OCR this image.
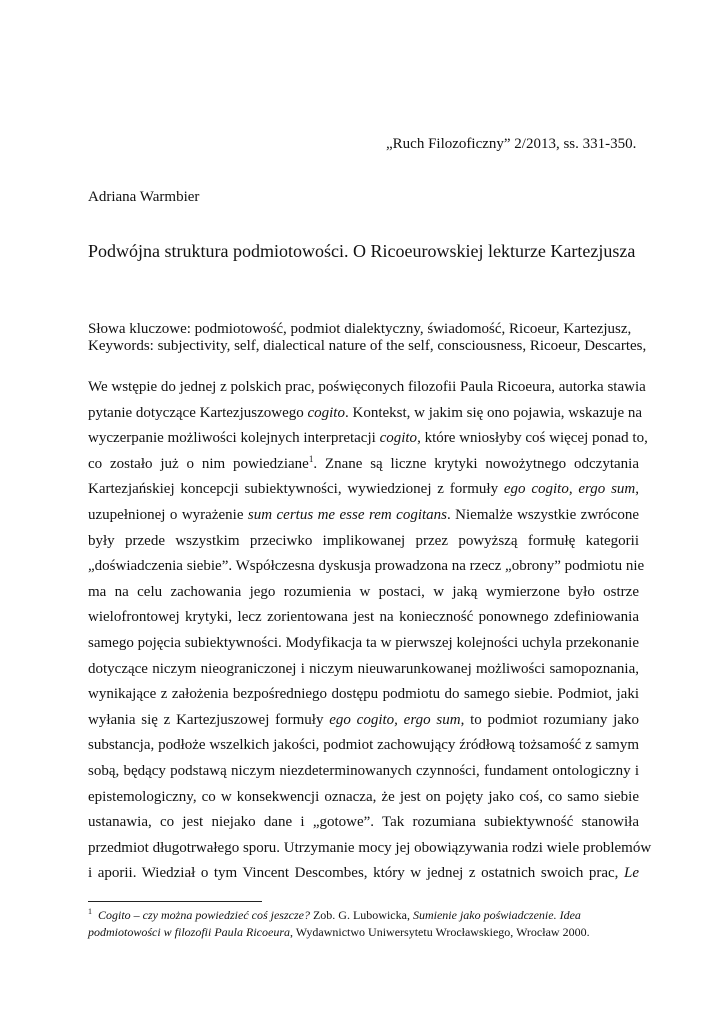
„Ruch Filozoficzny” 2/2013, ss. 331-350.
Adriana Warmbier
Podwójna struktura podmiotowości. O Ricoeurowskiej lekturze Kartezjusza
Słowa kluczowe: podmiotowość, podmiot dialektyczny, świadomość, Ricoeur, Kartezjusz,
Keywords: subjectivity, self, dialectical nature of the self, consciousness, Ricoeur, Descartes,
We wstępie do jednej z polskich prac, poświęconych filozofii Paula Ricoeura, autorka stawia
pytanie dotyczące Kartezjuszowego cogito. Kontekst, w jakim się ono pojawia, wskazuje na
wyczerpanie możliwości kolejnych interpretacji cogito, które wniosłyby coś więcej ponad to,
co zostało już o nim powiedziane$^1$. Znane są liczne krytyki nowożytnego odczytania
Kartezjańskiej koncepcji subiektywności, wywiedzionej z formuły ego cogito, ergo sum,
uzupełnionej o wyrażenie sum certus me esse rem cogitans. Niemalże wszystkie zwrócone
były przede wszystkim przeciwko implikowanej przez powyższą formułę kategorii
„doświadczenia siebie”. Współczesna dyskusja prowadzona na rzecz „obrony” podmiotu nie
ma na celu zachowania jego rozumienia w postaci, w jaką wymierzone było ostrze
wielofrontowej krytyki, lecz zorientowana jest na konieczność ponownego zdefiniowania
samego pojęcia subiektywności. Modyfikacja ta w pierwszej kolejności uchyla przekonanie
dotyczące niczym nieograniczonej i niczym nieuwarunkowanej możliwości samopoznania,
wynikające z założenia bezpośredniego dostępu podmiotu do samego siebie. Podmiot, jaki
wyłania się z Kartezjuszowej formuły ego cogito, ergo sum, to podmiot rozumiany jako
substancja, podłoże wszelkich jakości, podmiot zachowujący źródłową tożsamość z samym
sobą, będący podstawą niczym niezdeterminowanych czynności, fundament ontologiczny i
epistemologiczny, co w konsekwencji oznacza, że jest on pojęty jako coś, co samo siebie
ustanawia, co jest niejako dane i „gotowe”. Tak rozumiana subiektywność stanowiła
przedmiot długotrwałego sporu. Utrzymanie mocy jej obowiązywania rodzi wiele problemów
i aporii. Wiedział o tym Vincent Descombes, który w jednej z ostatnich swoich prac, Le
$^1$ Cogito – czy można powiedzieć coś jeszcze? Zob. G. Lubowicka, Sumienie jako poświadczenie. Idea
podmiotowości w filozofii Paula Ricoeura, Wydawnictwo Uniwersytetu Wrocławskiego, Wrocław 2000.
